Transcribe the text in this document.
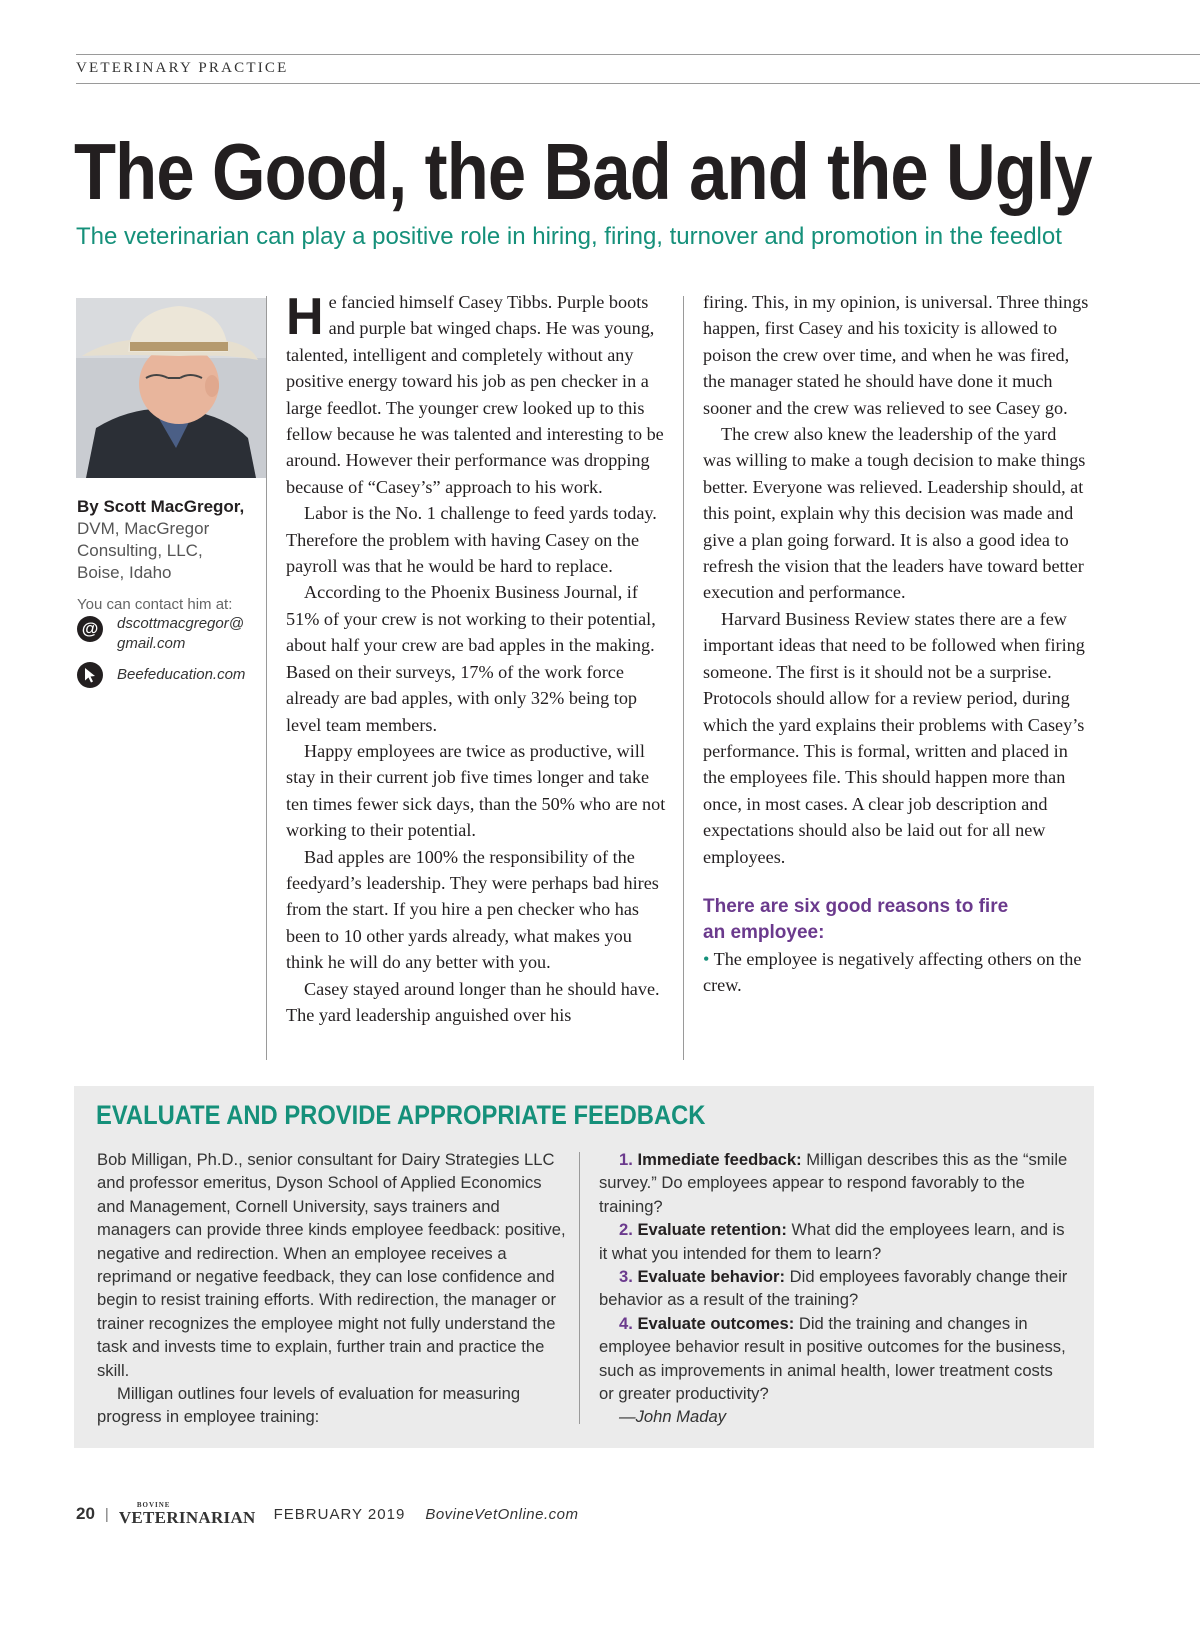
VETERINARY PRACTICE
The Good, the Bad and the Ugly
The veterinarian can play a positive role in hiring, firing, turnover and promotion in the feedlot
By Scott MacGregor,
DVM, MacGregor
Consulting, LLC,
Boise, Idaho
You can contact him at:
@	dscottmacgregor@
gmail.com
Beefeducation.com

He fancied himself Casey Tibbs. Purple boots and purple bat winged chaps. He was young, talented, intelligent and completely without any positive energy toward his job as pen checker in a large feedlot. The younger crew looked up to this fellow because he was talented and interesting to be around. However their performance was dropping because of “Casey’s” approach to his work.

Labor is the No. 1 challenge to feed yards today. Therefore the problem with having Casey on the payroll was that he would be hard to replace.

According to the Phoenix Business Journal, if 51% of your crew is not working to their potential, about half your crew are bad apples in the making. Based on their surveys, 17% of the work force already are bad apples, with only 32% being top level team members.

Happy employees are twice as productive, will stay in their current job five times longer and take ten times fewer sick days, than the 50% who are not working to their potential.

Bad apples are 100% the responsibility of the feedyard’s leadership. They were perhaps bad hires from the start. If you hire a pen checker who has been to 10 other yards already, what makes you think he will do any better with you.

Casey stayed around longer than he should have. The yard leadership anguished over his

firing. This, in my opinion, is universal. Three things happen, first Casey and his toxicity is allowed to poison the crew over time, and when he was fired, the manager stated he should have done it much sooner and the crew was relieved to see Casey go.

The crew also knew the leadership of the yard was willing to make a tough decision to make things better. Everyone was relieved. Leadership should, at this point, explain why this decision was made and give a plan going forward. It is also a good idea to refresh the vision that the leaders have toward better execution and performance.

Harvard Business Review states there are a few important ideas that need to be followed when firing someone. The first is it should not be a surprise. Protocols should allow for a review period, during which the yard explains their problems with Casey’s performance. This is formal, written and placed in the employees file. This should happen more than once, in most cases. A clear job description and expectations should also be laid out for all new employees.

There are six good reasons to fire
an employee:

• The employee is negatively affecting others on the crew.

EVALUATE AND PROVIDE APPROPRIATE FEEDBACK

Bob Milligan, Ph.D., senior consultant for Dairy Strategies LLC and professor emeritus, Dyson School of Applied Economics and Management, Cornell University, says trainers and managers can provide three kinds employee feedback: positive, negative and redirection. When an employee receives a reprimand or negative feedback, they can lose confidence and begin to resist training efforts. With redirection, the manager or trainer recognizes the employee might not fully understand the task and invests time to explain, further train and practice the skill.

Milligan outlines four levels of evaluation for measuring progress in employee training:

1. Immediate feedback: Milligan describes this as the “smile survey.” Do employees appear to respond favorably to the training?

2. Evaluate retention: What did the employees learn, and is it what you intended for them to learn?

3. Evaluate behavior: Did employees favorably change their behavior as a result of the training?

4. Evaluate outcomes: Did the training and changes in employee behavior result in positive outcomes for the business, such as improvements in animal health, lower treatment costs or greater productivity?

—John Maday

20 |
BOVINE
VETERINARIAN FEBRUARY 2019 BovineVetOnline.com
